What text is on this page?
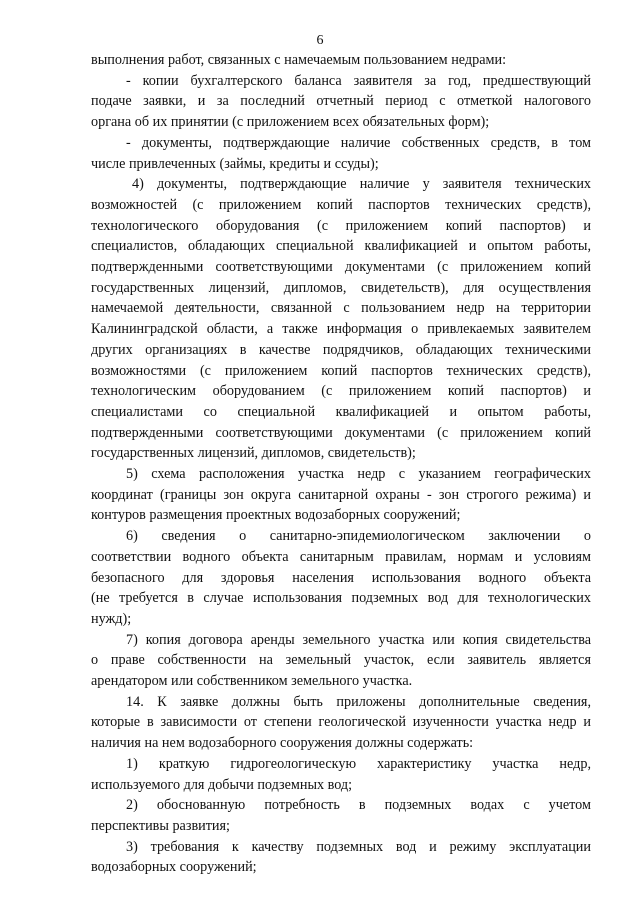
6
выполнения работ, связанных с намечаемым пользованием недрами:
- копии бухгалтерского баланса заявителя за год, предшествующий
подаче заявки, и за последний отчетный период с отметкой налогового
органа об их принятии (с приложением всех обязательных форм);
- документы, подтверждающие наличие собственных средств, в том
числе привлеченных (займы, кредиты и ссуды);
4) документы, подтверждающие наличие у заявителя технических
возможностей (с приложением копий паспортов технических средств),
технологического оборудования (с приложением копий паспортов) и
специалистов, обладающих специальной квалификацией и опытом работы,
подтвержденными соответствующими документами (с приложением копий
государственных лицензий, дипломов, свидетельств), для осуществления
намечаемой деятельности, связанной с пользованием недр на территории
Калининградской области, а также информация о привлекаемых заявителем
других организациях в качестве подрядчиков, обладающих техническими
возможностями (с приложением копий паспортов технических средств),
технологическим оборудованием (с приложением копий паспортов) и
специалистами со специальной квалификацией и опытом работы,
подтвержденными соответствующими документами (с приложением копий
государственных лицензий, дипломов, свидетельств);
5) схема расположения участка недр с указанием географических
координат (границы зон округа санитарной охраны - зон строгого режима) и
контуров размещения проектных водозаборных сооружений;
6) сведения о санитарно-эпидемиологическом заключении о
соответствии водного объекта санитарным правилам, нормам и условиям
безопасного для здоровья населения использования водного объекта
(не требуется в случае использования подземных вод для технологических
нужд);
7) копия договора аренды земельного участка или копия свидетельства
о праве собственности на земельный участок, если заявитель является
арендатором или собственником земельного участка.
14. К заявке должны быть приложены дополнительные сведения,
которые в зависимости от степени геологической изученности участка недр и
наличия на нем водозаборного сооружения должны содержать:
1) краткую гидрогеологическую характеристику участка недр,
используемого для добычи подземных вод;
2) обоснованную потребность в подземных водах с учетом
перспективы развития;
3) требования к качеству подземных вод и режиму эксплуатации
водозаборных сооружений;
